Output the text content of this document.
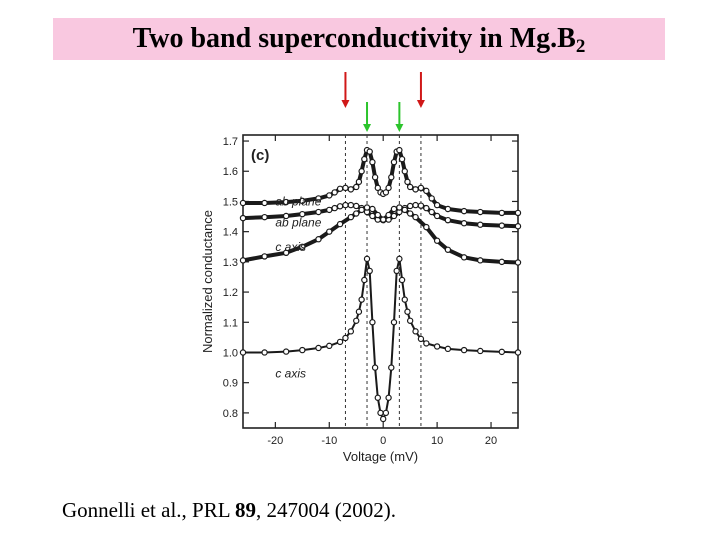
Two band superconductivity in $Mg.B_2$
0.8
0.9
1.0
1.1
1.2
1.3
1.4
1.5
1.6
1.7
-20	-10	0	10	20
Voltage (mV)
Normalized conductance
(c)
ab plane
ab plane
c axis
c axis
Gonnelli et al., PRL 89, 247004 (2002).
